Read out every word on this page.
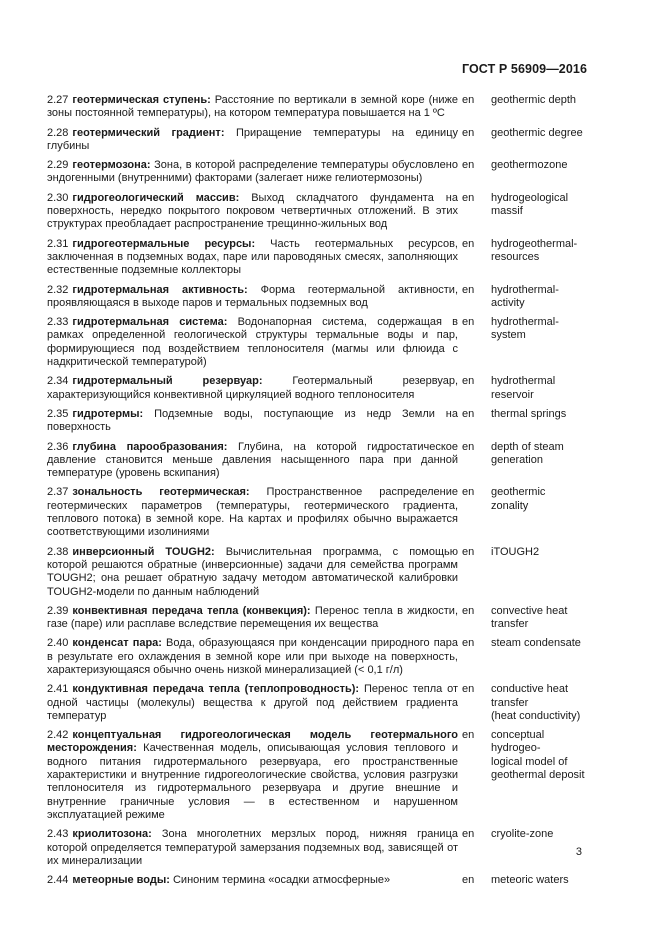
ГОСТ Р 56909—2016
2.27 геотермическая ступень: Расстояние по вертикали в земной коре (ниже зоны постоянной температуры), на котором температура повышается на 1 ºС
en	geothermic depth
2.28 геотермический градиент: Приращение температуры на единицу глубины
en	geothermic degree
2.29 геотермозона: Зона, в которой распределение температуры обусловлено эндогенными (внутренними) факторами (залегает ниже гелиотермозоны)
en	geothermozone
2.30 гидрогеологический массив: Выход складчатого фундамента на поверхность, нередко покрытого покровом четвертичных отложений. В этих структурах преобладает распространение трещинно-жильных вод
en	hydrogeological
massif
2.31 гидрогеотермальные ресурсы: Часть геотермальных ресурсов, заключенная в подземных водах, паре или пароводяных смесях, заполняющих естественные подземные коллекторы
en	hydrogeothermal-
resources
2.32 гидротермальная активность: Форма геотермальной активности, проявляющаяся в выходе паров и термальных подземных вод
en	hydrothermal-
activity
2.33 гидротермальная система: Водонапорная система, содержащая в рамках определенной геологической структуры термальные воды и пар, формирующиеся под воздействием теплоносителя (магмы или флюида с надкритической температурой)
en	hydrothermal-
system
2.34 гидротермальный резервуар: Геотермальный резервуар, характеризующийся конвективной циркуляцией водного теплоносителя
en	hydrothermal
reservoir
2.35 гидротермы: Подземные воды, поступающие из недр Земли на поверхность
en	thermal springs
2.36 глубина парообразования: Глубина, на которой гидростатическое давление становится меньше давления насыщенного пара при данной температуре (уровень вскипания)
en	depth of steam
generation
2.37 зональность геотермическая: Пространственное распределение геотермических параметров (температуры, геотермического градиента, теплового потока) в земной коре. На картах и профилях обычно выражается соответствующими изолиниями
en	geothermic
zonality
2.38 инверсионный TOUGH2: Вычислительная программа, с помощью которой решаются обратные (инверсионные) задачи для семейства программ TOUGH2; она решает обратную задачу методом автоматической калибровки TOUGH2-модели по данным наблюдений
en	iTOUGH2
2.39 конвективная передача тепла (конвекция): Перенос тепла в жидкости, газе (паре) или расплаве вследствие перемещения их вещества
en	convective heat
transfer
2.40 конденсат пара: Вода, образующаяся при конденсации природного пара в результате его охлаждения в земной коре или при выходе на поверхность, характеризующаяся обычно очень низкой минерализацией (< 0,1 г/л)
en	steam condensate
2.41 кондуктивная передача тепла (теплопроводность): Перенос тепла от одной частицы (молекулы) вещества к другой под действием градиента температур
en	conductive heat
transfer
(heat conductivity)
2.42 концептуальная гидрогеологическая модель геотермального месторождения: Качественная модель, описывающая условия теплового и водного питания гидротермального резервуара, его пространственные характеристики и внутренние гидрогеологические свойства, условия разгрузки теплоносителя из гидротермального резервуара и другие внешние и внутренние граничные условия — в естественном и нарушенном эксплуатацией режиме
en	conceptual
hydrogeo-
logical model of
geothermal deposit
2.43 криолитозона: Зона многолетних мерзлых пород, нижняя граница которой определяется температурой замерзания подземных вод, зависящей от их минерализации
en	cryolite-zone
2.44 метеорные воды: Синоним термина «осадки атмосферные»	en	meteoric waters
3
